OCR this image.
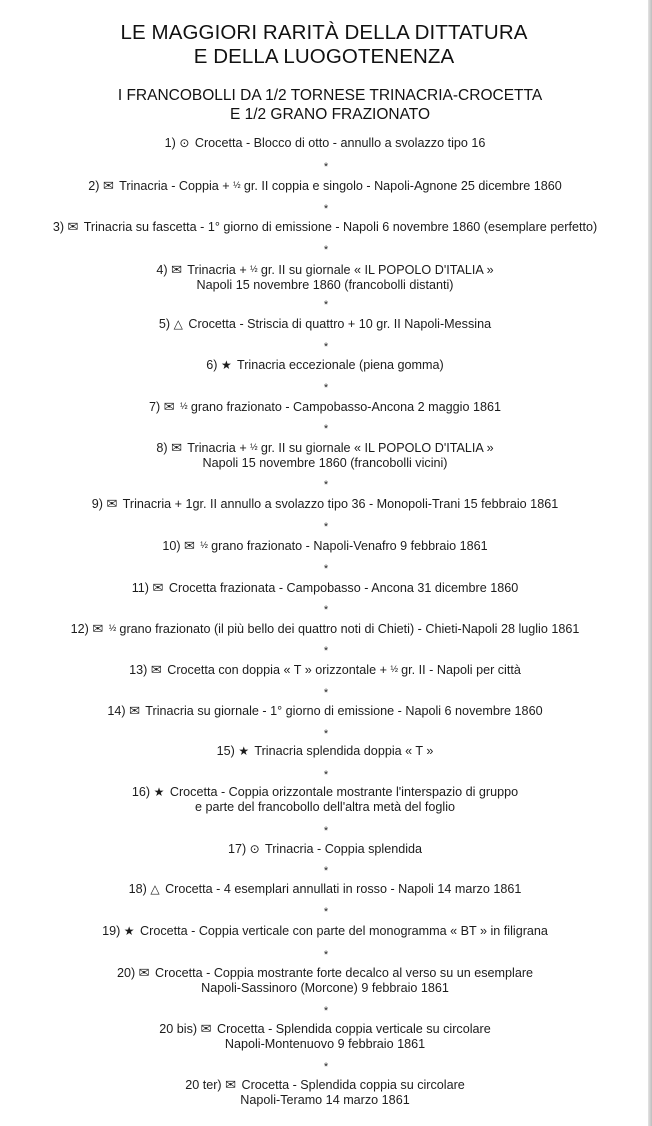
LE MAGGIORI RARITÀ DELLA DITTATURA
E DELLA LUOGOTENENZA
I FRANCOBOLLI DA 1/2 TORNESE TRINACRIA-CROCETTA
E 1/2 GRANO FRAZIONATO
1) ⊙ Crocetta - Blocco di otto - annullo a svolazzo tipo 16
2) ✉ Trinacria - Coppia + ½ gr. II coppia e singolo - Napoli-Agnone 25 dicembre 1860
3) ✉ Trinacria su fascetta - 1° giorno di emissione - Napoli 6 novembre 1860 (esemplare perfetto)
4) ✉ Trinacria + ½ gr. II su giornale « IL POPOLO D'ITALIA »
Napoli 15 novembre 1860 (francobolli distanti)
5) △ Crocetta - Striscia di quattro + 10 gr. II Napoli-Messina
6) ★ Trinacria eccezionale (piena gomma)
7) ✉ ½ grano frazionato - Campobasso-Ancona 2 maggio 1861
8) ✉ Trinacria + ½ gr. II su giornale « IL POPOLO D'ITALIA »
Napoli 15 novembre 1860 (francobolli vicini)
9) ✉ Trinacria + 1gr. II annullo a svolazzo tipo 36 - Monopoli-Trani 15 febbraio 1861
10) ✉ ½ grano frazionato - Napoli-Venafro 9 febbraio 1861
11) ✉ Crocetta frazionata - Campobasso - Ancona 31 dicembre 1860
12) ✉ ½ grano frazionato (il più bello dei quattro noti di Chieti) - Chieti-Napoli 28 luglio 1861
13) ✉ Crocetta con doppia « T » orizzontale + ½ gr. II - Napoli per città
14) ✉ Trinacria su giornale - 1° giorno di emissione - Napoli 6 novembre 1860
15) ★ Trinacria splendida doppia « T »
16) ★ Crocetta - Coppia orizzontale mostrante l'interspazio di gruppo
e parte del francobollo dell'altra metà del foglio
17) ⊙ Trinacria - Coppia splendida
18) △ Crocetta - 4 esemplari annullati in rosso - Napoli 14 marzo 1861
19) ★ Crocetta - Coppia verticale con parte del monogramma « BT » in filigrana
20) ✉ Crocetta - Coppia mostrante forte decalco al verso su un esemplare
Napoli-Sassinoro (Morcone) 9 febbraio 1861
20 bis) ✉ Crocetta - Splendida coppia verticale su circolare
Napoli-Montenuovo 9 febbraio 1861
20 ter) ✉ Crocetta - Splendida coppia su circolare
Napoli-Teramo 14 marzo 1861
*
*
*
*
*
*
*
*
*
*
*
*
*
*
*
*
*
*
*
*
*
